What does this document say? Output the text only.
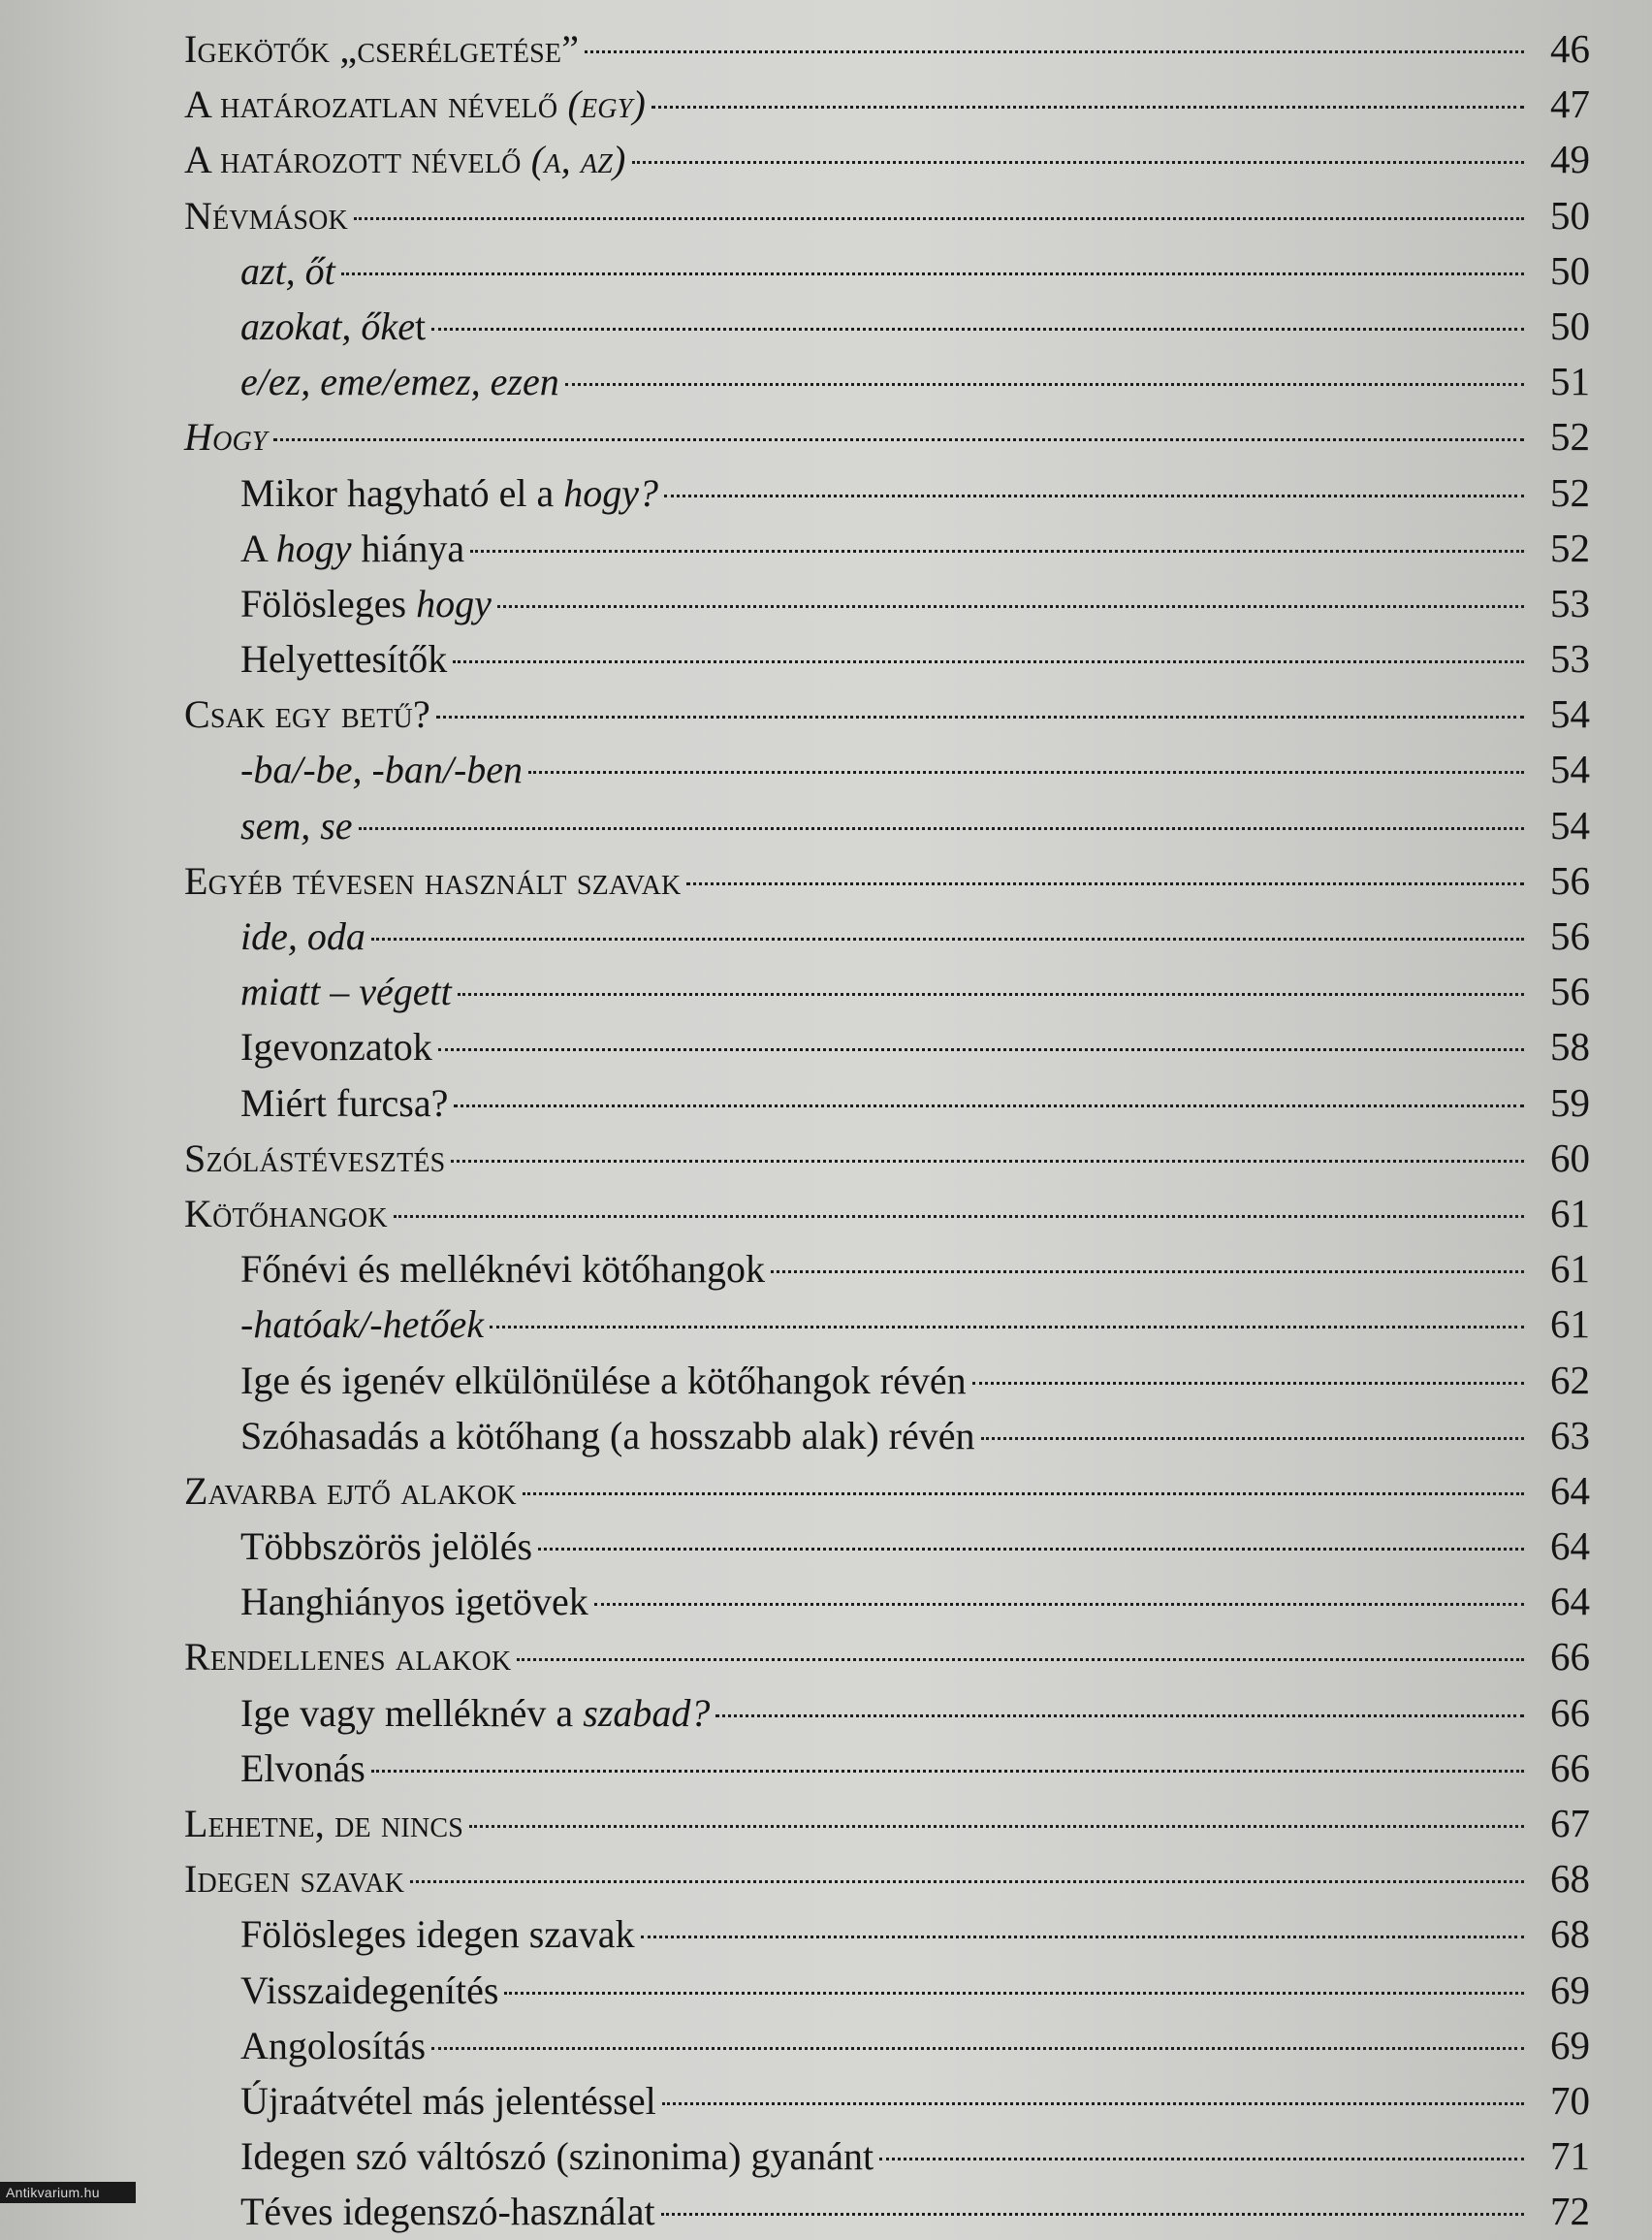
Igekötők „cserélgetése”	46
A határozatlan névelő (egy)	47
A határozott névelő (a, az)	49
Névmások	50
azt, őt	50
azokat, őket	50
e/ez, eme/emez, ezen	51
Hogy	52
Mikor hagyható el a hogy?	52
A hogy hiánya	52
Fölösleges hogy	53
Helyettesítők	53
Csak egy betű?	54
-ba/-be, -ban/-ben	54
sem, se	54
Egyéb tévesen használt szavak	56
ide, oda	56
miatt – végett	56
Igevonzatok	58
Miért furcsa?	59
Szólástévesztés	60
Kötőhangok	61
Főnévi és melléknévi kötőhangok	61
-hatóak/-hetőek	61
Ige és igenév elkülönülése a kötőhangok révén	62
Szóhasadás a kötőhang (a hosszabb alak) révén	63
Zavarba ejtő alakok	64
Többszörös jelölés	64
Hanghiányos igetövek	64
Rendellenes alakok	66
Ige vagy melléknév a szabad?	66
Elvonás	66
Lehetne, de nincs	67
Idegen szavak	68
Fölösleges idegen szavak	68
Visszaidegenítés	69
Angolosítás	69
Újraátvétel más jelentéssel	70
Idegen szó váltószó (szinonima) gyanánt	71
Téves idegenszó-használat	72
Antikvarium.hu
